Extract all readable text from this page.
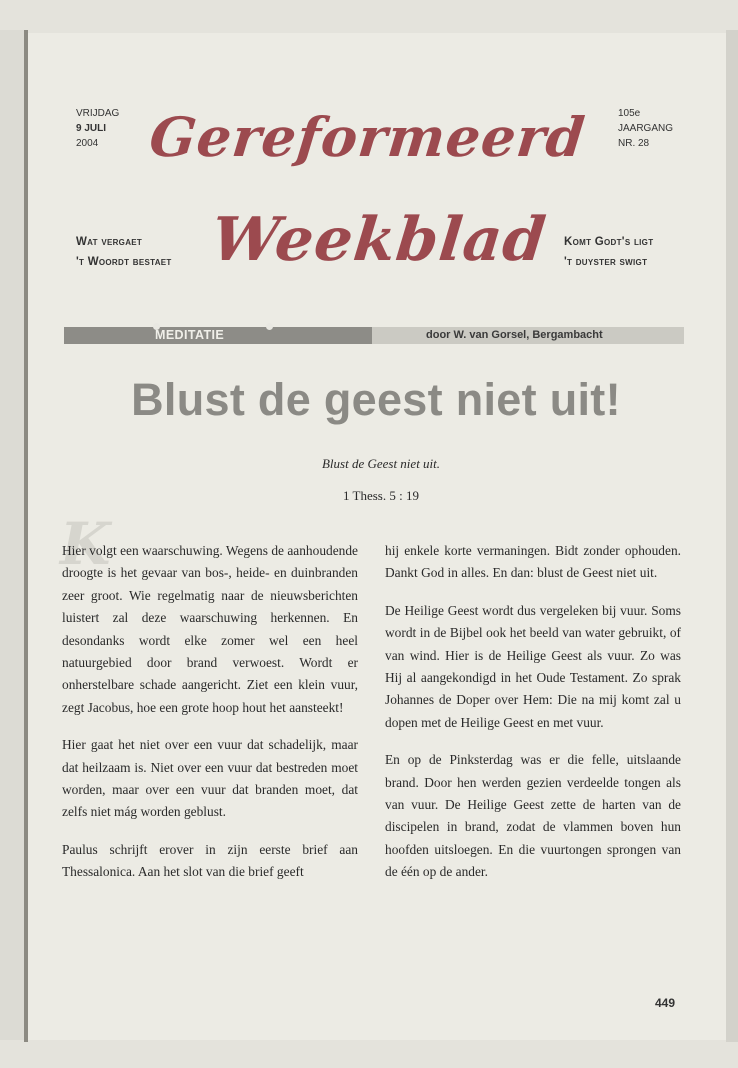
K
VRIJDAG
9 JULI
2004
105e
JAARGANG
NR. 28
Gereformeerd
Weekblad
Wat vergaet
't Woordt bestaet
Komt Godt's ligt
't duyster swigt
MEDITATIE	door W. van Gorsel, Bergambacht
Blust de geest niet uit!
Blust de Geest niet uit.
1 Thess. 5 : 19

Hier volgt een waarschuwing. Wegens de aanhoudende droogte is het gevaar van bos-, heide- en duinbranden zeer groot. Wie regelmatig naar de nieuwsberichten luistert zal deze waarschuwing herkennen. En desondanks wordt elke zomer wel een heel natuurgebied door brand verwoest. Wordt er onherstelbare schade aangericht. Ziet een klein vuur, zegt Jacobus, hoe een grote hoop hout het aansteekt!

Hier gaat het niet over een vuur dat schadelijk, maar dat heilzaam is. Niet over een vuur dat bestreden moet worden, maar over een vuur dat branden moet, dat zelfs niet mág worden geblust.

Paulus schrijft erover in zijn eerste brief aan Thessalonica. Aan het slot van die brief geeft

hij enkele korte vermaningen. Bidt zonder ophouden. Dankt God in alles. En dan: blust de Geest niet uit.

De Heilige Geest wordt dus vergeleken bij vuur. Soms wordt in de Bijbel ook het beeld van water gebruikt, of van wind. Hier is de Heilige Geest als vuur. Zo was Hij al aangekondigd in het Oude Testament. Zo sprak Johannes de Doper over Hem: Die na mij komt zal u dopen met de Heilige Geest en met vuur.

En op de Pinksterdag was er die felle, uitslaande brand. Door hen werden gezien verdeelde tongen als van vuur. De Heilige Geest zette de harten van de discipelen in brand, zodat de vlammen boven hun hoofden uitsloegen. En die vuurtongen sprongen van de één op de ander.

449
